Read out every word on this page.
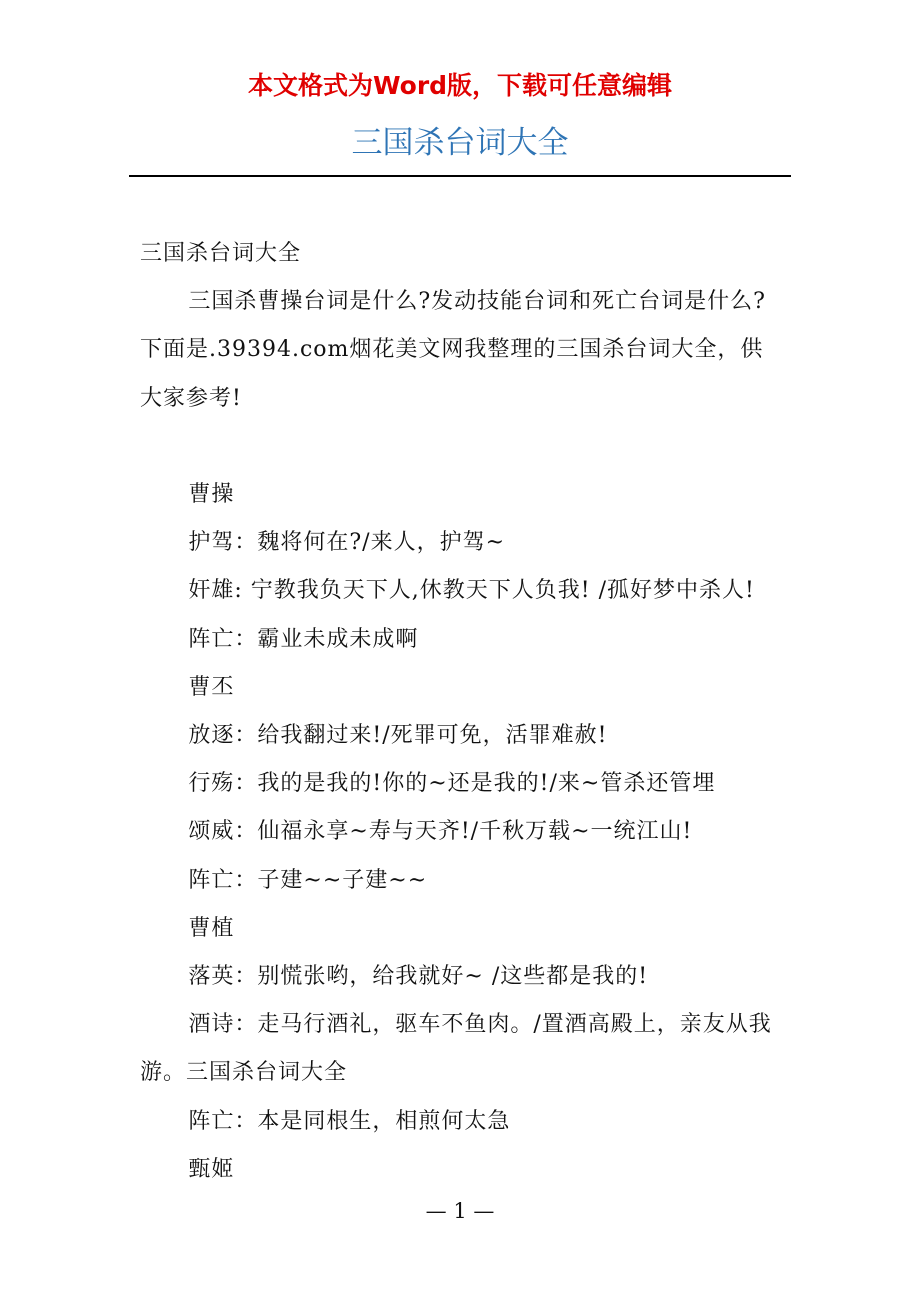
本文格式为Word版，下载可任意编辑
三国杀台词大全

三国杀台词大全

三国杀曹操台词是什么?发动技能台词和死亡台词是什么?下面是.39394.com烟花美文网我整理的三国杀台词大全，供大家参考!

曹操

护驾：魏将何在?/来人，护驾~

奸雄: 宁教我负天下人,休教天下人负我! /孤好梦中杀人!

阵亡：霸业未成未成啊

曹丕

放逐：给我翻过来!/死罪可免，活罪难赦!

行殇：我的是我的!你的~还是我的!/来~管杀还管埋

颂威：仙福永享~寿与天齐!/千秋万载~一统江山!

阵亡：子建~~子建~~

曹植

落英：别慌张哟，给我就好~ /这些都是我的!

酒诗：走马行酒礼，驱车不鱼肉。/置酒高殿上，亲友从我游。三国杀台词大全

阵亡：本是同根生，相煎何太急

甄姬

— 1 —
